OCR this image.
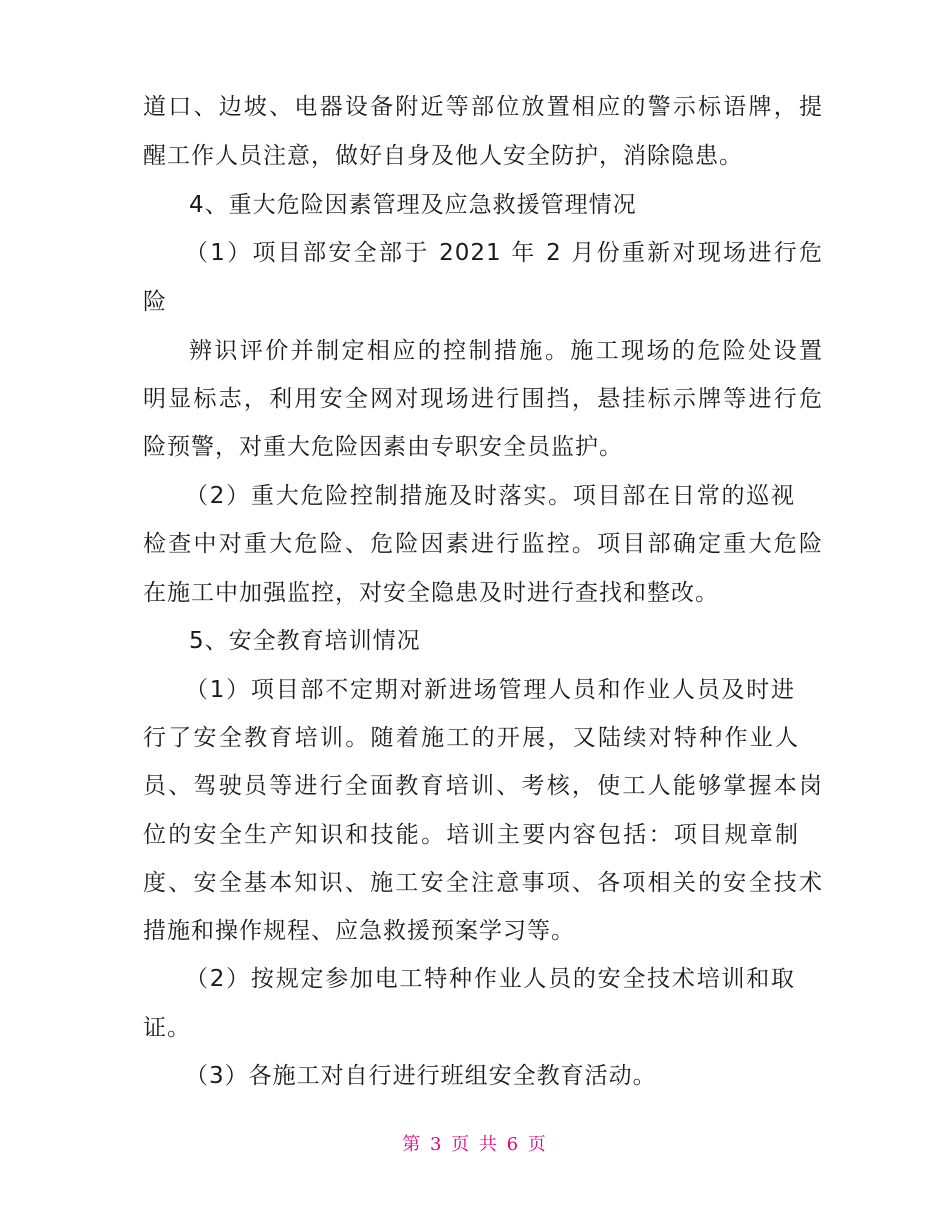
道口、边坡、电器设备附近等部位放置相应的警示标语牌，提
醒工作人员注意，做好自身及他人安全防护，消除隐患。
4、重大危险因素管理及应急救援管理情况
（1）项目部安全部于 2021 年 2 月份重新对现场进行危
险
辨识评价并制定相应的控制措施。施工现场的危险处设置
明显标志，利用安全网对现场进行围挡，悬挂标示牌等进行危
险预警，对重大危险因素由专职安全员监护。
（2）重大危险控制措施及时落实。项目部在日常的巡视
检查中对重大危险、危险因素进行监控。项目部确定重大危险
在施工中加强监控，对安全隐患及时进行查找和整改。
5、安全教育培训情况
（1）项目部不定期对新进场管理人员和作业人员及时进
行了安全教育培训。随着施工的开展，又陆续对特种作业人
员、驾驶员等进行全面教育培训、考核，使工人能够掌握本岗
位的安全生产知识和技能。培训主要内容包括：项目规章制
度、安全基本知识、施工安全注意事项、各项相关的安全技术
措施和操作规程、应急救援预案学习等。
（2）按规定参加电工特种作业人员的安全技术培训和取
证。
（3）各施工对自行进行班组安全教育活动。
第 3 页 共 6 页
